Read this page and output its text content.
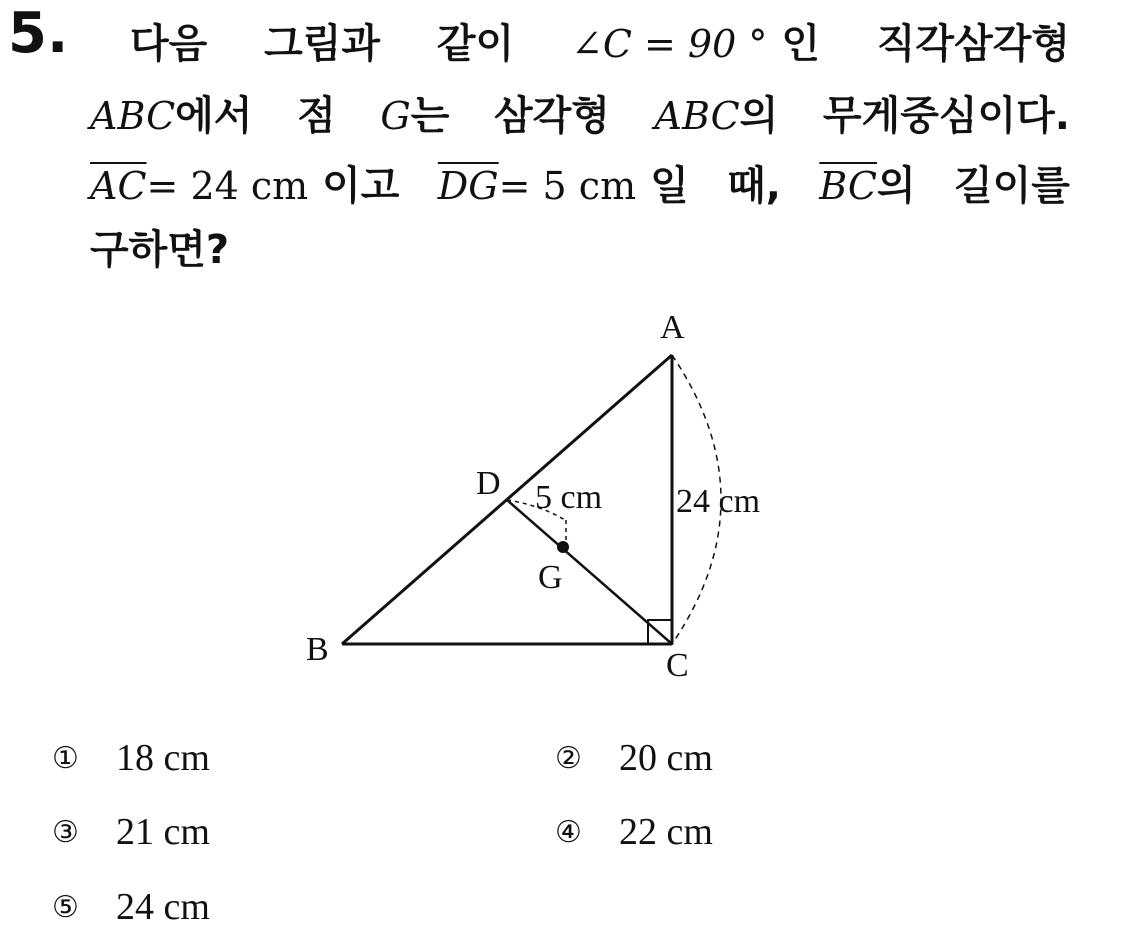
5. 다음 그림과 같이 ∠C = 90 °
인 직각삼각형
ABC 에서 점 G 는 삼각형 ABC 의 무게중심이다.
$\overline{AC} = 24$ cm
이고 $\overline{DG} = 5$ cm
일 때, $\overline{BC}$ 의 길이를
구하면?
A
B	C
D
G
5 cm 24 cm
① 18 cm	② 20 cm
③ 21 cm	④ 22 cm
⑤ 24 cm
